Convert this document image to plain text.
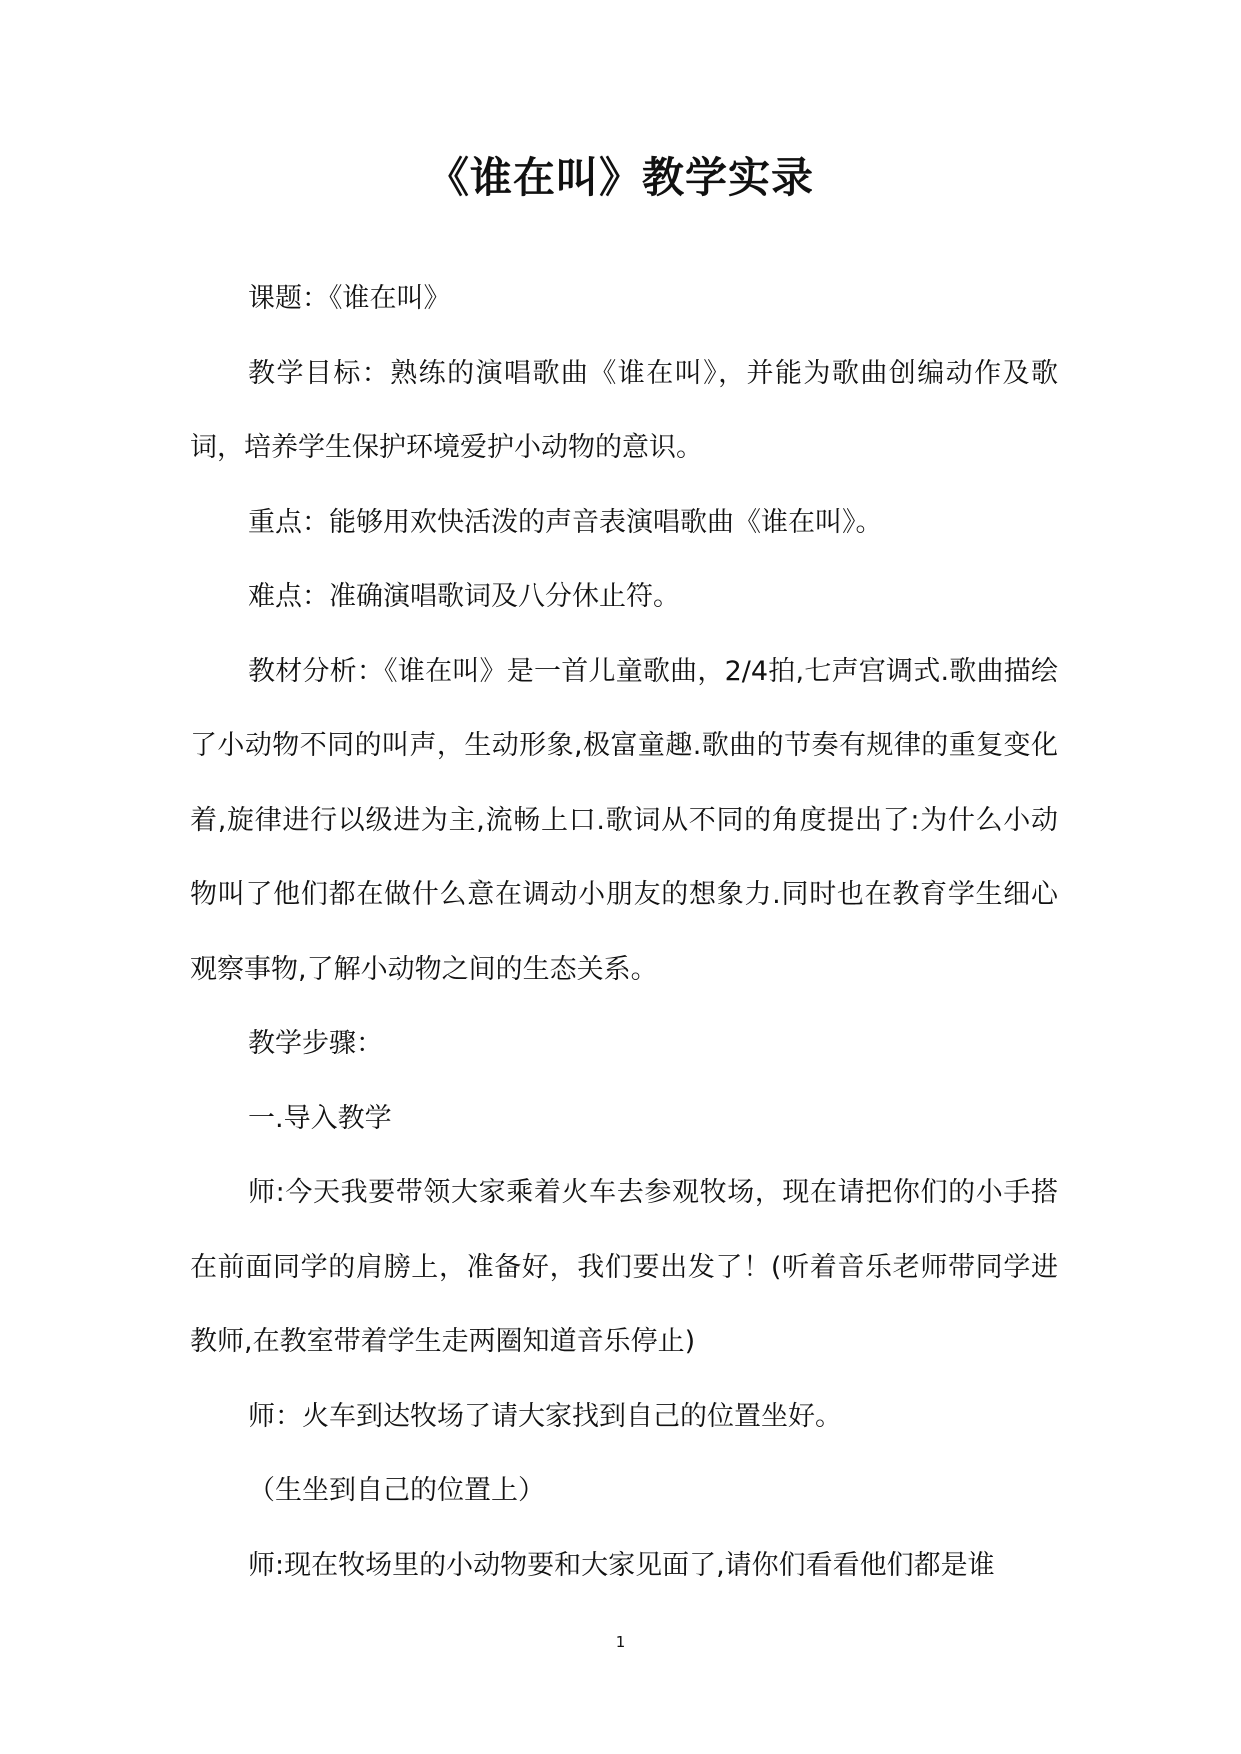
《谁在叫》教学实录

课题：《谁在叫》

教学目标：熟练的演唱歌曲《谁在叫》，并能为歌曲创编动作及歌词，培养学生保护环境爱护小动物的意识。

重点：能够用欢快活泼的声音表演唱歌曲《谁在叫》。

难点：准确演唱歌词及八分休止符。

教材分析：《谁在叫》是一首儿童歌曲，2/4拍,七声宫调式.歌曲描绘了小动物不同的叫声，生动形象,极富童趣.歌曲的节奏有规律的重复变化着,旋律进行以级进为主,流畅上口.歌词从不同的角度提出了:为什么小动物叫了他们都在做什么意在调动小朋友的想象力.同时也在教育学生细心观察事物,了解小动物之间的生态关系。

教学步骤：

一.导入教学

师:今天我要带领大家乘着火车去参观牧场，现在请把你们的小手搭在前面同学的肩膀上，准备好，我们要出发了！(听着音乐老师带同学进教师,在教室带着学生走两圈知道音乐停止)

师：火车到达牧场了请大家找到自己的位置坐好。

（生坐到自己的位置上）

师:现在牧场里的小动物要和大家见面了,请你们看看他们都是谁

1
